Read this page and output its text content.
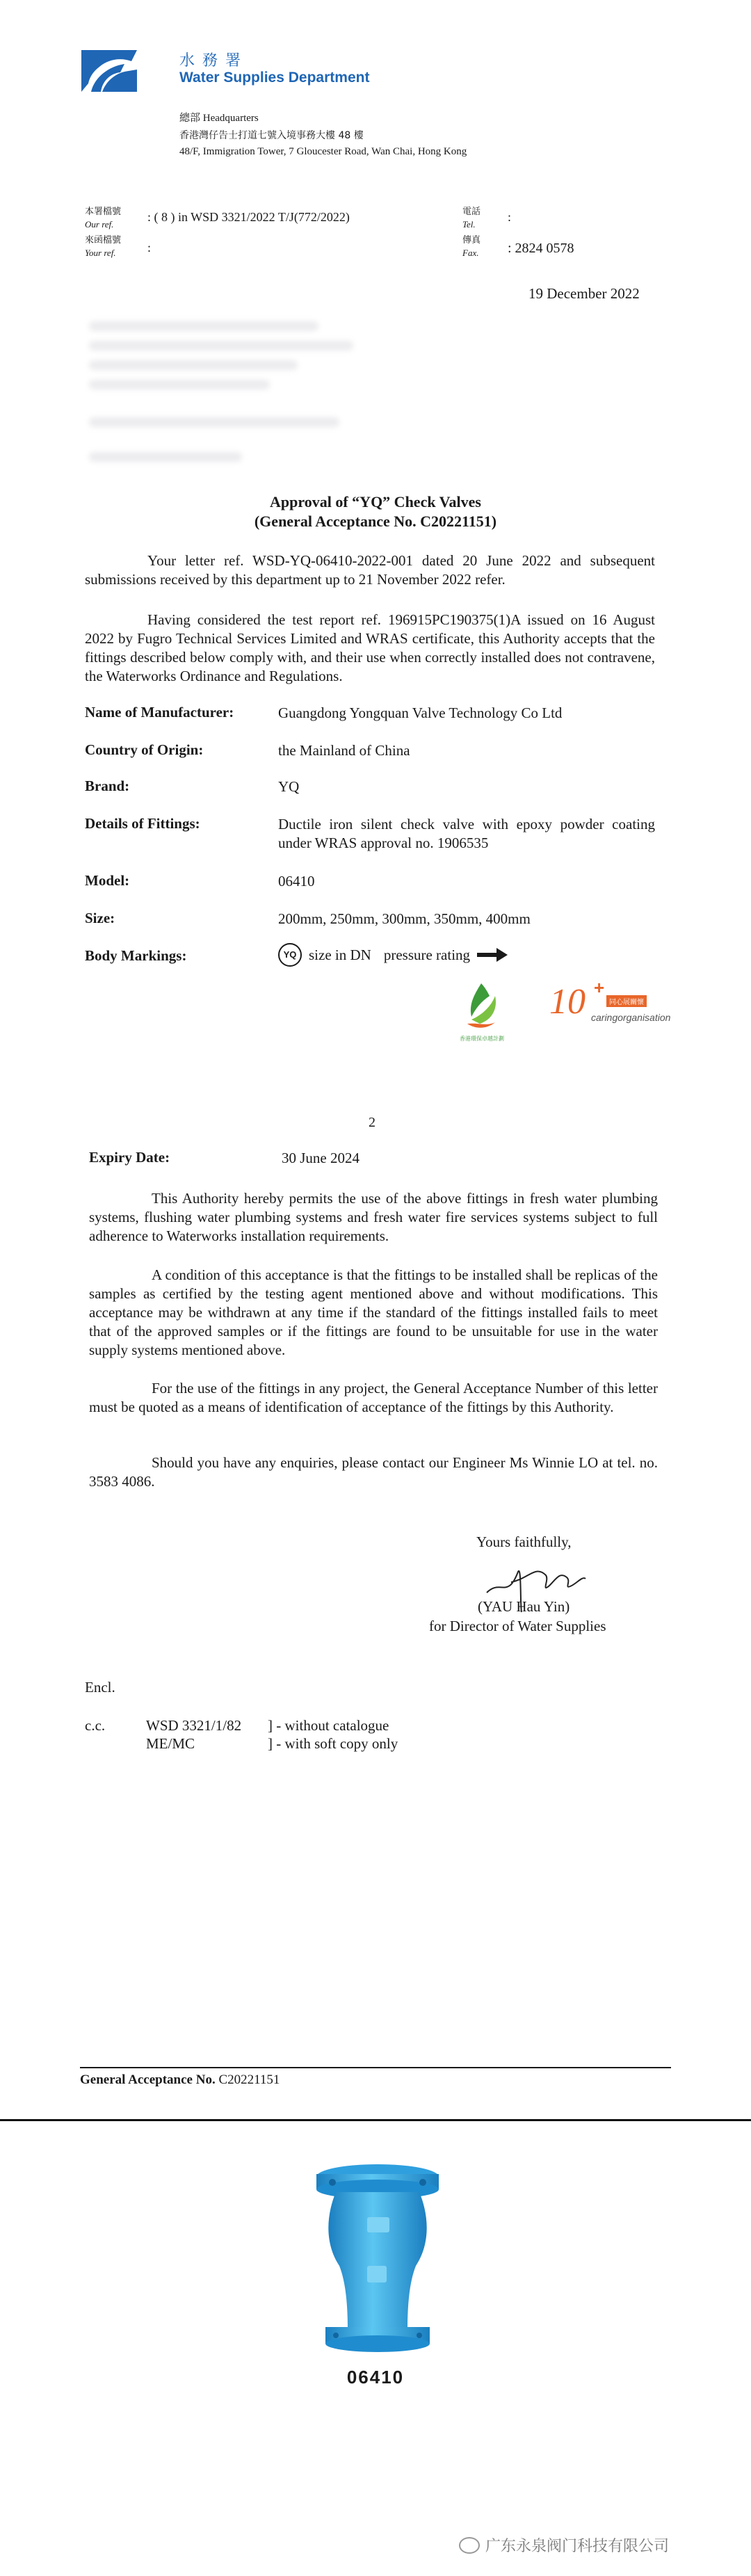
水 務 署
Water Supplies Department
總部 Headquarters
香港灣仔告士打道七號入境事務大樓 48 樓
48/F, Immigration Tower, 7 Gloucester Road, Wan Chai, Hong Kong
本署檔號
Our ref.
: ( 8 ) in WSD 3321/2022 T/J(772/2022)
來函檔號
Your ref.	:
電話
Tel.
:
傳真
Fax. : 2824 0578
19 December 2022
Approval of “YQ” Check Valves
(General Acceptance No. C20221151)
Your letter ref. WSD-YQ-06410-2022-001 dated 20 June 2022 and subsequent submissions received by this department up to 21 November 2022 refer.
Having considered the test report ref. 196915PC190375(1)A issued on 16 August 2022 by Fugro Technical Services Limited and WRAS certificate, this Authority accepts that the fittings described below comply with, and their use when correctly installed does not contravene, the Waterworks Ordinance and Regulations.
Name of Manufacturer:	Guangdong Yongquan Valve Technology Co Ltd
Country of Origin:	the Mainland of China
Brand:	YQ
Details of Fittings:	Ductile iron silent check valve with epoxy powder coating under WRAS approval no. 1906535
Model:	06410
Size:	200mm, 250mm, 300mm, 350mm, 400mm
Body Markings:	YQ size in DN pressure rating
香港環保卓越計劃
10 +
同心展關懷
caringorganisation
2
Expiry Date:	30 June 2024
This Authority hereby permits the use of the above fittings in fresh water plumbing systems, flushing water plumbing systems and fresh water fire services systems subject to full adherence to Waterworks installation requirements.
A condition of this acceptance is that the fittings to be installed shall be replicas of the samples as certified by the testing agent mentioned above and without modifications. This acceptance may be withdrawn at any time if the standard of the fittings installed fails to meet that of the approved samples or if the fittings are found to be unsuitable for use in the water supply systems mentioned above.
For the use of the fittings in any project, the General Acceptance Number of this letter must be quoted as a means of identification of acceptance of the fittings by this Authority.
Should you have any enquiries, please contact our Engineer Ms Winnie LO at tel. no. 3583 4086.
Yours faithfully,
(YAU Hau Yin)
for Director of Water Supplies
Encl.
c.c.	WSD 3321/1/82 ] - without catalogue
ME/MC	] - with soft copy only
General Acceptance No. C20221151
06410
广东永泉阀门科技有限公司
